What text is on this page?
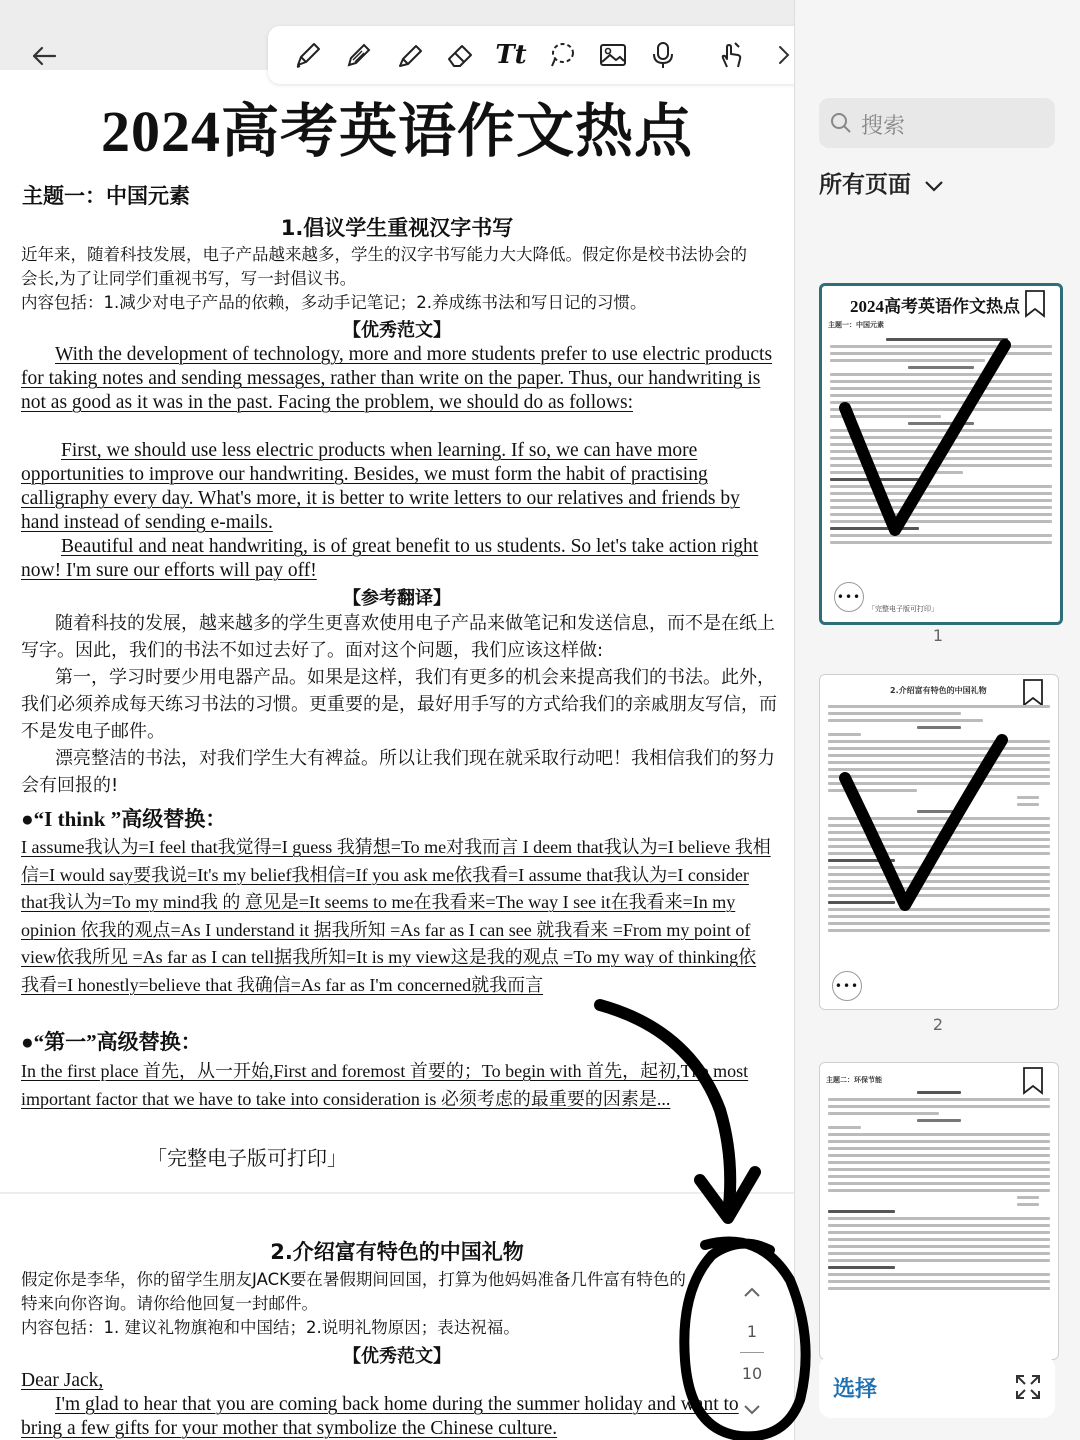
2024高考英语作文热点
主题一：中国元素
1.倡议学生重视汉字书写
近年来，随着科技发展，电子产品越来越多，学生的汉字书写能力大大降低。假定你是校书法协会的
会长,为了让同学们重视书写，写一封倡议书。
内容包括：1.减少对电子产品的依赖，多动手记笔记；2.养成练书法和写日记的习惯。
【优秀范文】
With the development of technology, more and more students prefer to use electric products for taking notes and sending messages, rather than write on the paper. Thus, our handwriting is not as good as it was in the past. Facing the problem, we should do as follows:
First, we should use less electric products when learning. If so, we can have more opportunities to improve our handwriting. Besides, we must form the habit of practising calligraphy every day. What's more, it is better to write letters to our relatives and friends by hand instead of sending e-mails.
Beautiful and neat handwriting, is of great benefit to us students. So let's take action right now! I'm sure our efforts will pay off!
【参考翻译】
随着科技的发展，越来越多的学生更喜欢使用电子产品来做笔记和发送信息，而不是在纸上写字。因此，我们的书法不如过去好了。面对这个问题，我们应该这样做:
第一，学习时要少用电器产品。如果是这样，我们有更多的机会来提高我们的书法。此外，我们必须养成每天练习书法的习惯。更重要的是，最好用手写的方式给我们的亲戚朋友写信，而不是发电子邮件。
漂亮整洁的书法，对我们学生大有裨益。所以让我们现在就采取行动吧！我相信我们的努力会有回报的!
●“I think ”高级替换：
I assume我认为=I feel that我觉得=I guess 我猜想=To me对我而言 I deem that我认为=I believe 我相信=I would say要我说=It's my belief我相信=If you ask me依我看=I assume that我认为=I consider that我认为=To my mind我 的 意见是=It seems to me在我看来=The way I see it在我看来=In my opinion 依我的观点=As I understand it 据我所知 =As far as I can see 就我看来 =From my point of view依我所见 =As far as I can tell据我所知=It is my view这是我的观点 =To my way of thinking依我看=I honestly=believe that 我确信=As far as I'm concerned就我而言
●“第一”高级替换：
In the first place 首先，从一开始,First and foremost 首要的；To begin with 首先，起初,The most important factor that we have to take into consideration is 必须考虑的最重要的因素是...
「完整电子版可打印」
2.介绍富有特色的中国礼物
假定你是李华，你的留学生朋友JACK要在暑假期间回国，打算为他妈妈准备几件富有特色的
特来向你咨询。请你给他回复一封邮件。
内容包括：1. 建议礼物旗袍和中国结；2.说明礼物原因；表达祝福。
【优秀范文】
Dear Jack,
I'm glad to hear that you are coming back home during the summer holiday and want to bring a few gifts for your mother that symbolize the Chinese culture.
Tt
1
10
搜索
所有页面
2024高考英语作文热点
主题一：中国元素
•••
「完整电子版可打印」
1
2.介绍富有特色的中国礼物
•••
2
主题二：环保节能
选择
